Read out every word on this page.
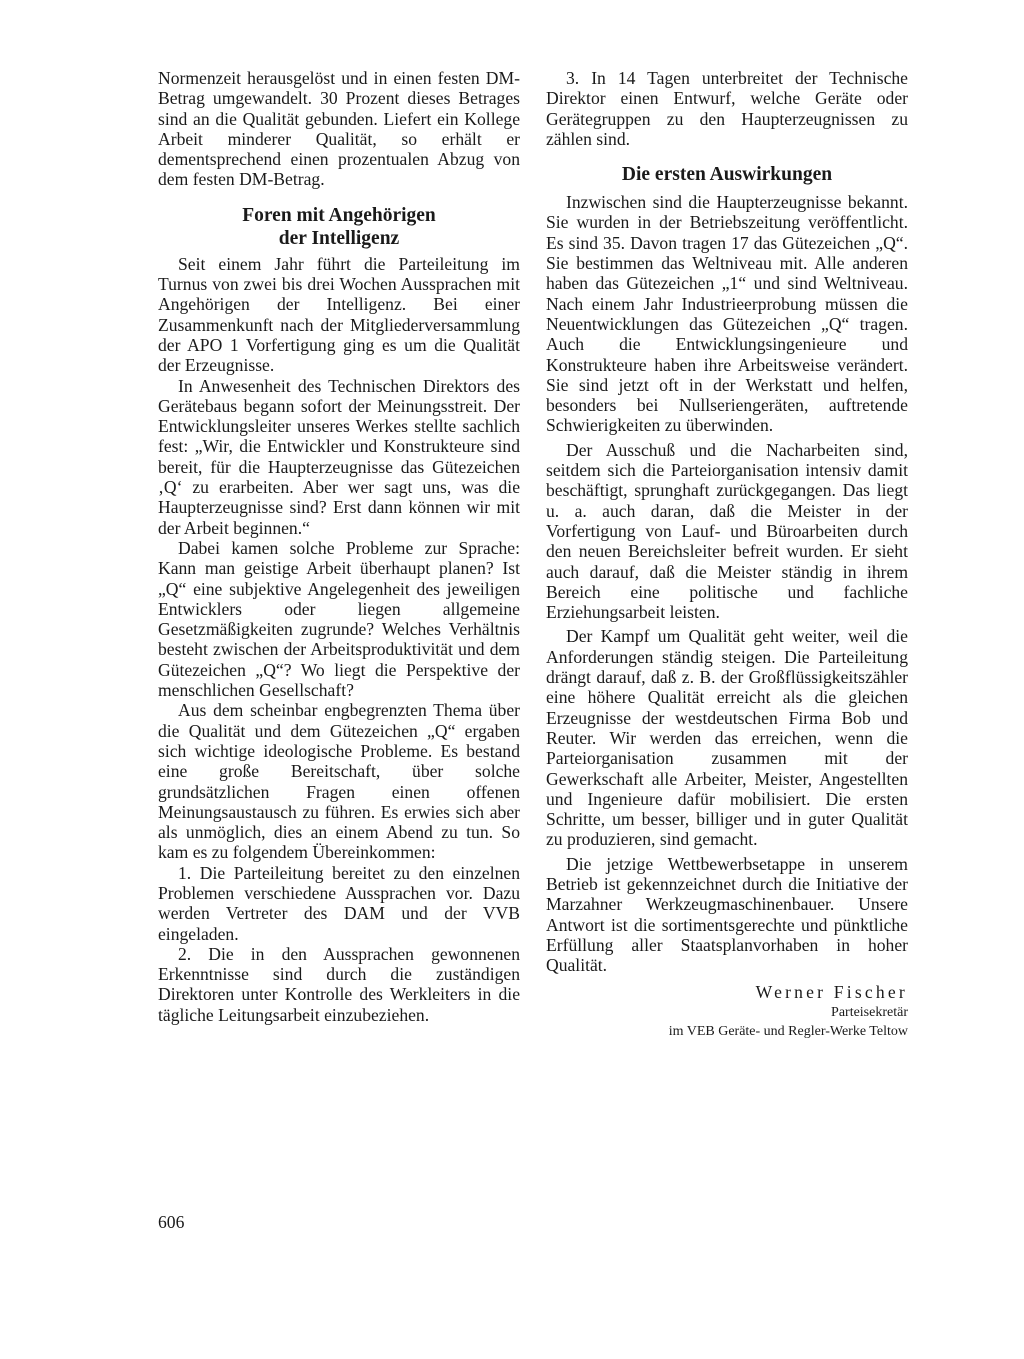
Normenzeit herausgelöst und in einen festen DM-Betrag umgewandelt. 30 Prozent dieses Betrages sind an die Qualität gebunden. Liefert ein Kollege Arbeit minderer Qualität, so erhält er dementsprechend einen prozentualen Abzug von dem festen DM-Betrag.

Foren mit Angehörigen
der Intelligenz

Seit einem Jahr führt die Parteileitung im Turnus von zwei bis drei Wochen Aussprachen mit Angehörigen der Intelligenz. Bei einer Zusammenkunft nach der Mitgliederversammlung der APO 1 Vorfertigung ging es um die Qualität der Erzeugnisse.

In Anwesenheit des Technischen Direktors des Gerätebaus begann sofort der Meinungsstreit. Der Entwicklungsleiter unseres Werkes stellte sachlich fest: „Wir, die Entwickler und Konstrukteure sind bereit, für die Haupterzeugnisse das Gütezeichen ‚Q‘ zu erarbeiten. Aber wer sagt uns, was die Haupterzeugnisse sind? Erst dann können wir mit der Arbeit beginnen.“

Dabei kamen solche Probleme zur Sprache: Kann man geistige Arbeit überhaupt planen? Ist „Q“ eine subjektive Angelegenheit des jeweiligen Entwicklers oder liegen allgemeine Gesetzmäßigkeiten zugrunde? Welches Verhältnis besteht zwischen der Arbeitsproduktivität und dem Gütezeichen „Q“? Wo liegt die Perspektive der menschlichen Gesellschaft?

Aus dem scheinbar engbegrenzten Thema über die Qualität und dem Gütezeichen „Q“ ergaben sich wichtige ideologische Probleme. Es bestand eine große Bereitschaft, über solche grundsätzlichen Fragen einen offenen Meinungsaustausch zu führen. Es erwies sich aber als unmöglich, dies an einem Abend zu tun. So kam es zu folgendem Übereinkommen:

1. Die Parteileitung bereitet zu den einzelnen Problemen verschiedene Aussprachen vor. Dazu werden Vertreter des DAM und der VVB eingeladen.

2. Die in den Aussprachen gewonnenen Erkenntnisse sind durch die zuständigen Direktoren unter Kontrolle des Werkleiters in die tägliche Leitungsarbeit einzubeziehen.

3. In 14 Tagen unterbreitet der Technische Direktor einen Entwurf, welche Geräte oder Gerätegruppen zu den Haupterzeugnissen zu zählen sind.

Die ersten Auswirkungen

Inzwischen sind die Haupterzeugnisse bekannt. Sie wurden in der Betriebszeitung veröffentlicht. Es sind 35. Davon tragen 17 das Gütezeichen „Q“. Sie bestimmen das Weltniveau mit. Alle anderen haben das Gütezeichen „1“ und sind Weltniveau. Nach einem Jahr Industrieerprobung müssen die Neuentwicklungen das Gütezeichen „Q“ tragen. Auch die Entwicklungsingenieure und Konstrukteure haben ihre Arbeitsweise verändert. Sie sind jetzt oft in der Werkstatt und helfen, besonders bei Nullseriengeräten, auftretende Schwierigkeiten zu überwinden.

Der Ausschuß und die Nacharbeiten sind, seitdem sich die Parteiorganisation intensiv damit beschäftigt, sprunghaft zurückgegangen. Das liegt u. a. auch daran, daß die Meister in der Vorfertigung von Lauf- und Büroarbeiten durch den neuen Bereichsleiter befreit wurden. Er sieht auch darauf, daß die Meister ständig in ihrem Bereich eine politische und fachliche Erziehungsarbeit leisten.

Der Kampf um Qualität geht weiter, weil die Anforderungen ständig steigen. Die Parteileitung drängt darauf, daß z. B. der Großflüssigkeitszähler eine höhere Qualität erreicht als die gleichen Erzeugnisse der westdeutschen Firma Bob und Reuter. Wir werden das erreichen, wenn die Parteiorganisation zusammen mit der Gewerkschaft alle Arbeiter, Meister, Angestellten und Ingenieure dafür mobilisiert. Die ersten Schritte, um besser, billiger und in guter Qualität zu produzieren, sind gemacht.

Die jetzige Wettbewerbsetappe in unserem Betrieb ist gekennzeichnet durch die Initiative der Marzahner Werkzeugmaschinenbauer. Unsere Antwort ist die sortimentsgerechte und pünktliche Erfüllung aller Staatsplanvorhaben in hoher Qualität.

Werner Fischer
Parteisekretär
im VEB Geräte- und Regler-Werke Teltow
606
